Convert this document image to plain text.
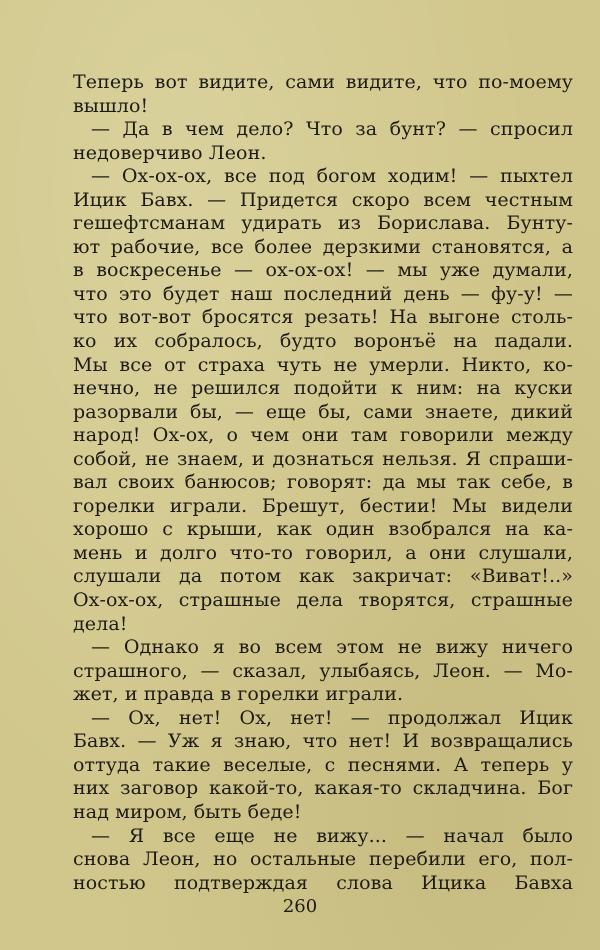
Теперь вот видите, сами видите, что по-моему
вышло!
— Да в чем дело? Что за бунт? — спросил
недоверчиво Леон.
— Ох-ох-ох, все под богом ходим! — пыхтел
Ицик Бавх. — Придется скоро всем честным
гешефтсманам удирать из Борислава. Бунту-
ют рабочие, все более дерзкими становятся, а
в воскресенье — ох-ох-ох! — мы уже думали,
что это будет наш последний день — фу-у! —
что вот-вот бросятся резать! На выгоне столь-
ко их собралось, будто воронъё на падали.
Мы все от страха чуть не умерли. Никто, ко-
нечно, не решился подойти к ним: на куски
разорвали бы, — еще бы, сами знаете, дикий
народ! Ох-ох, о чем они там говорили между
собой, не знаем, и дознаться нельзя. Я спраши-
вал своих банюсов; говорят: да мы так себе, в
горелки играли. Брешут, бестии! Мы видели
хорошо с крыши, как один взобрался на ка-
мень и долго что-то говорил, а они слушали,
слушали да потом как закричат: «Виват!..»
Ох-ох-ох, страшные дела творятся, страшные
дела!
— Однако я во всем этом не вижу ничего
страшного, — сказал, улыбаясь, Леон. — Мо-
жет, и правда в горелки играли.
— Ох, нет! Ох, нет! — продолжал Ицик
Бавх. — Уж я знаю, что нет! И возвращались
оттуда такие веселые, с песнями. А теперь у
них заговор какой-то, какая-то складчина. Бог
над миром, быть беде!
— Я все еще не вижу... — начал было
снова Леон, но остальные перебили его, пол-
ностью подтверждая слова Ицика Бавха
260
